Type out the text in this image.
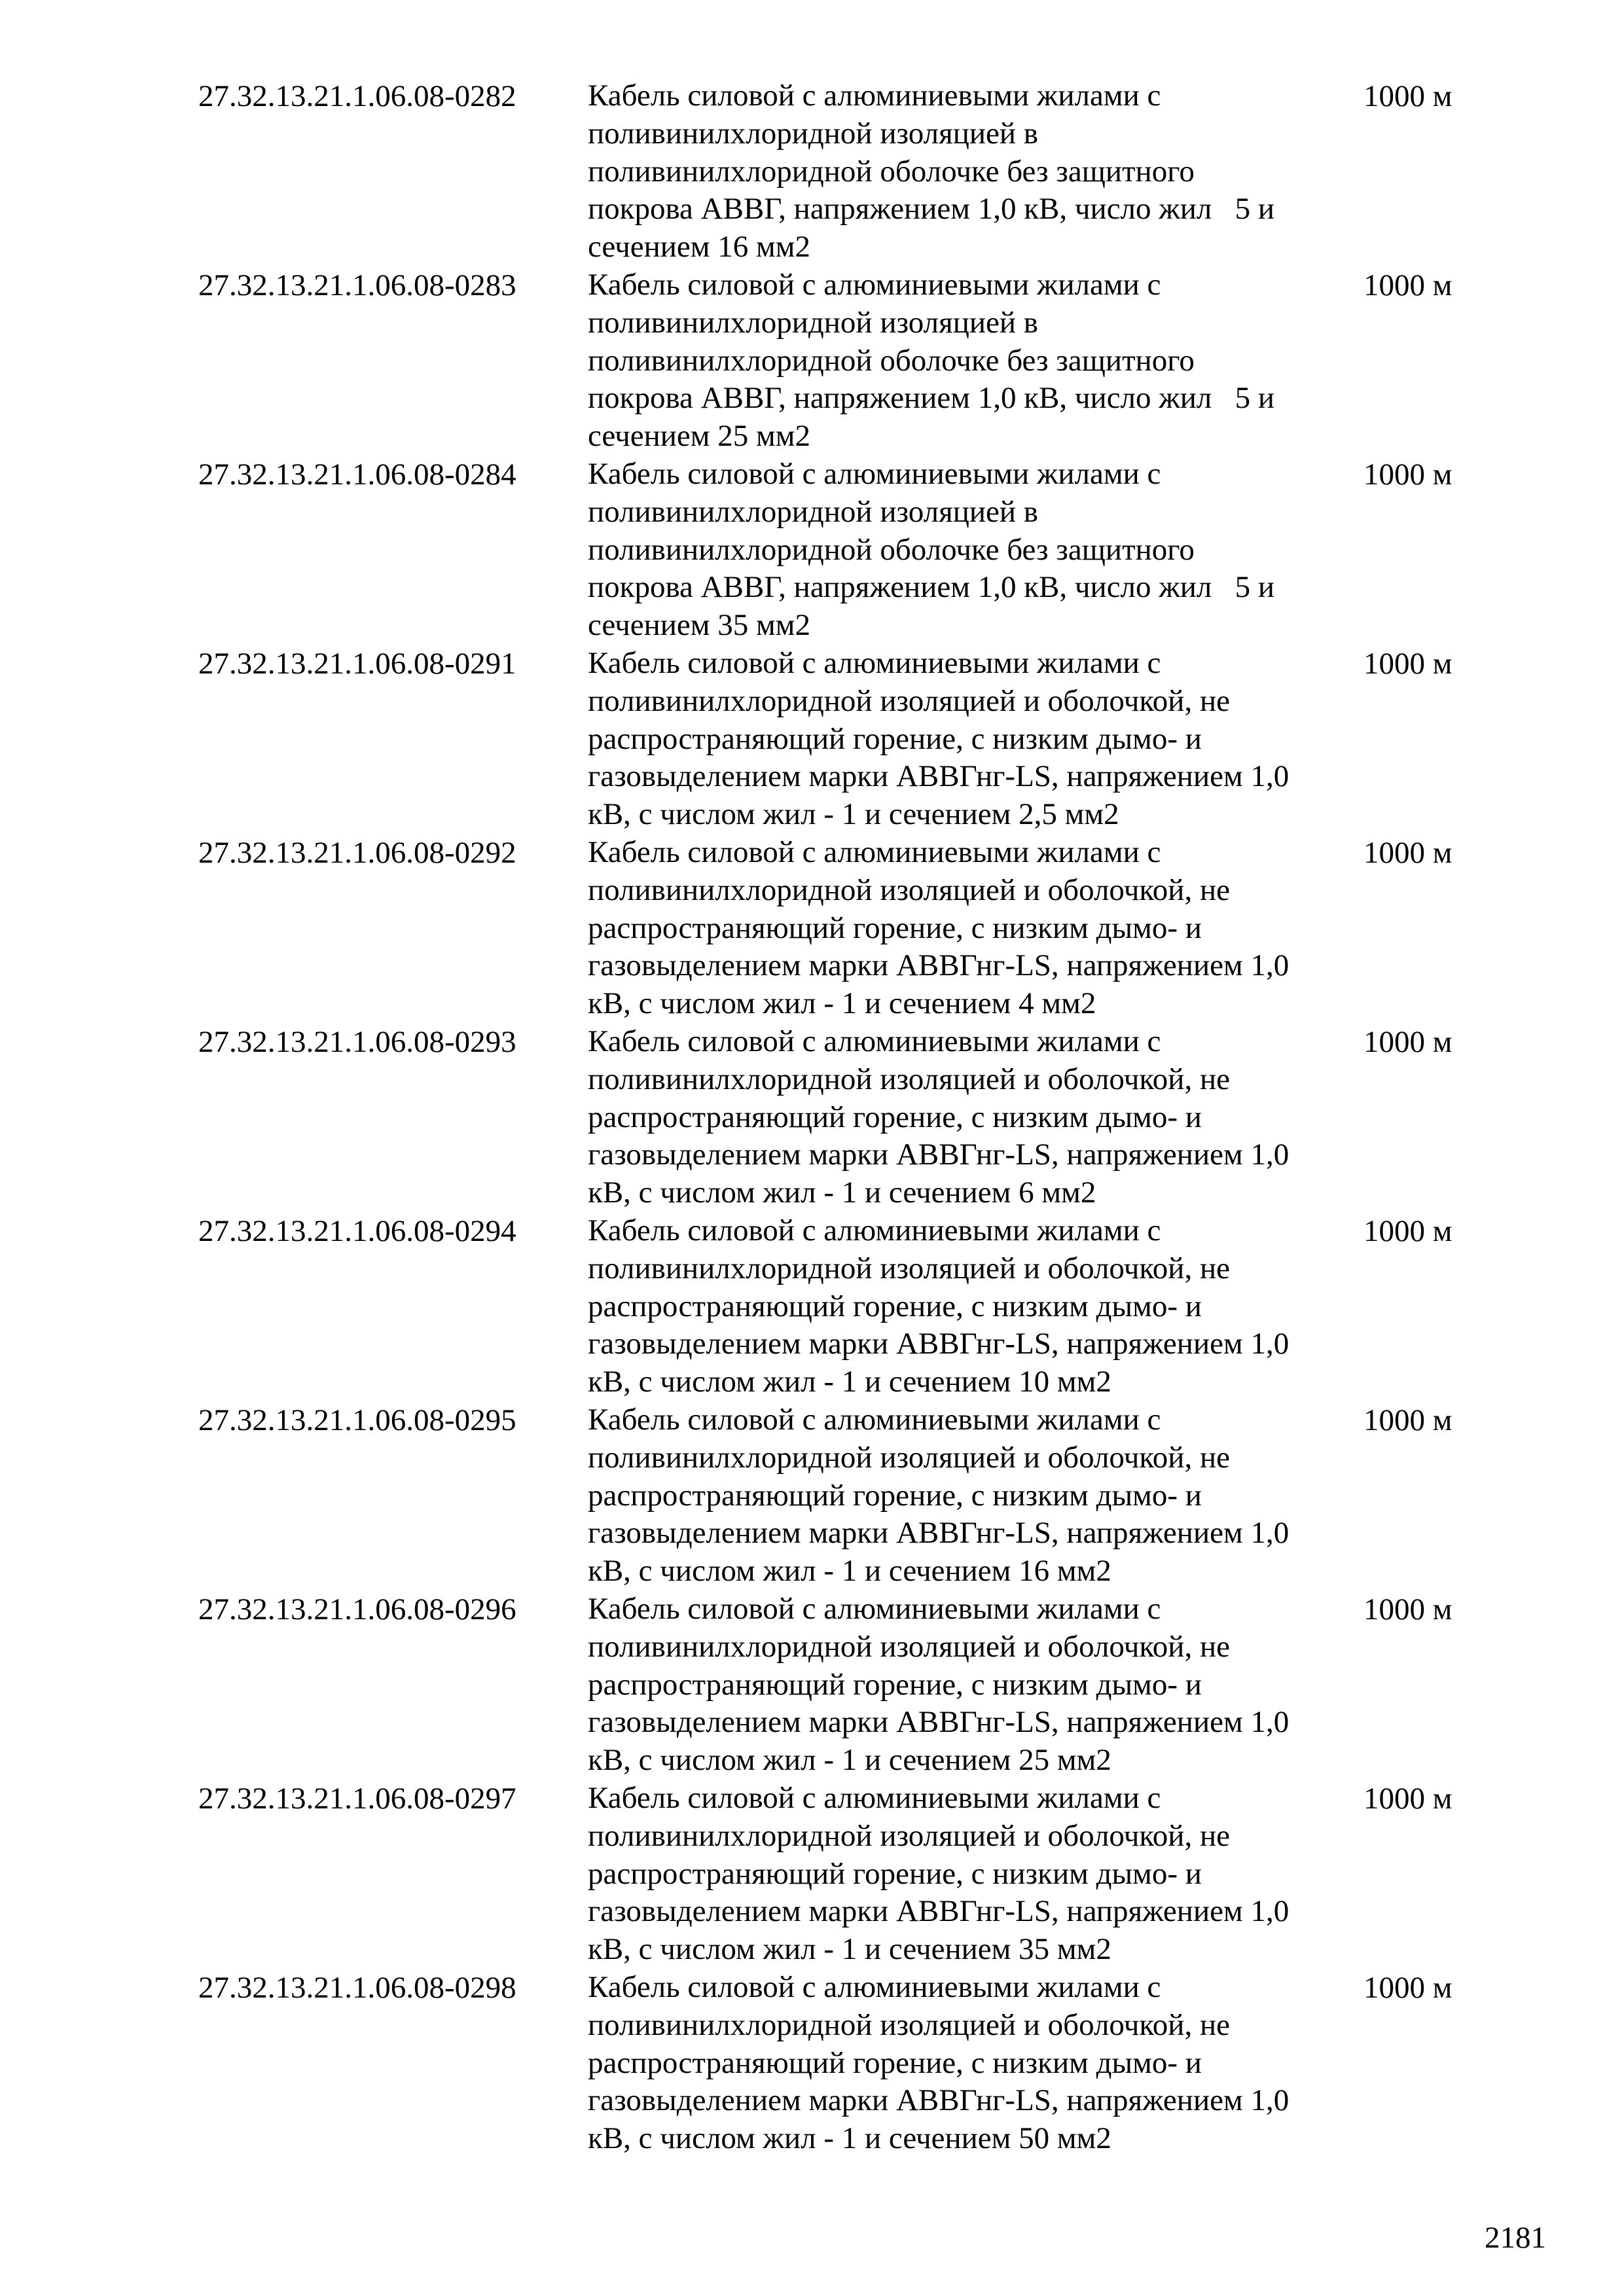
27.32.13.21.1.06.08-0282 Кабель силовой с алюминиевыми жилами с
поливинилхлоридной изоляцией в
поливинилхлоридной оболочке без защитного
покрова АВВГ, напряжением 1,0 кВ, число жил   5 и
сечением 16 мм2
1000 м
27.32.13.21.1.06.08-0283 Кабель силовой с алюминиевыми жилами с
поливинилхлоридной изоляцией в
поливинилхлоридной оболочке без защитного
покрова АВВГ, напряжением 1,0 кВ, число жил   5 и
сечением 25 мм2
1000 м
27.32.13.21.1.06.08-0284 Кабель силовой с алюминиевыми жилами с
поливинилхлоридной изоляцией в
поливинилхлоридной оболочке без защитного
покрова АВВГ, напряжением 1,0 кВ, число жил   5 и
сечением 35 мм2
1000 м
27.32.13.21.1.06.08-0291 Кабель силовой с алюминиевыми жилами с
поливинилхлоридной изоляцией и оболочкой, не
распространяющий горение, с низким дымо- и
газовыделением марки АВВГнг-LS, напряжением 1,0
кВ, с числом жил - 1 и сечением 2,5 мм2
1000 м
27.32.13.21.1.06.08-0292 Кабель силовой с алюминиевыми жилами с
поливинилхлоридной изоляцией и оболочкой, не
распространяющий горение, с низким дымо- и
газовыделением марки АВВГнг-LS, напряжением 1,0
кВ, с числом жил - 1 и сечением 4 мм2
1000 м
27.32.13.21.1.06.08-0293 Кабель силовой с алюминиевыми жилами с
поливинилхлоридной изоляцией и оболочкой, не
распространяющий горение, с низким дымо- и
газовыделением марки АВВГнг-LS, напряжением 1,0
кВ, с числом жил - 1 и сечением 6 мм2
1000 м
27.32.13.21.1.06.08-0294 Кабель силовой с алюминиевыми жилами с
поливинилхлоридной изоляцией и оболочкой, не
распространяющий горение, с низким дымо- и
газовыделением марки АВВГнг-LS, напряжением 1,0
кВ, с числом жил - 1 и сечением 10 мм2
1000 м
27.32.13.21.1.06.08-0295 Кабель силовой с алюминиевыми жилами с
поливинилхлоридной изоляцией и оболочкой, не
распространяющий горение, с низким дымо- и
газовыделением марки АВВГнг-LS, напряжением 1,0
кВ, с числом жил - 1 и сечением 16 мм2
1000 м
27.32.13.21.1.06.08-0296 Кабель силовой с алюминиевыми жилами с
поливинилхлоридной изоляцией и оболочкой, не
распространяющий горение, с низким дымо- и
газовыделением марки АВВГнг-LS, напряжением 1,0
кВ, с числом жил - 1 и сечением 25 мм2
1000 м
27.32.13.21.1.06.08-0297 Кабель силовой с алюминиевыми жилами с
поливинилхлоридной изоляцией и оболочкой, не
распространяющий горение, с низким дымо- и
газовыделением марки АВВГнг-LS, напряжением 1,0
кВ, с числом жил - 1 и сечением 35 мм2
1000 м
27.32.13.21.1.06.08-0298 Кабель силовой с алюминиевыми жилами с
поливинилхлоридной изоляцией и оболочкой, не
распространяющий горение, с низким дымо- и
газовыделением марки АВВГнг-LS, напряжением 1,0
кВ, с числом жил - 1 и сечением 50 мм2
1000 м
2181
